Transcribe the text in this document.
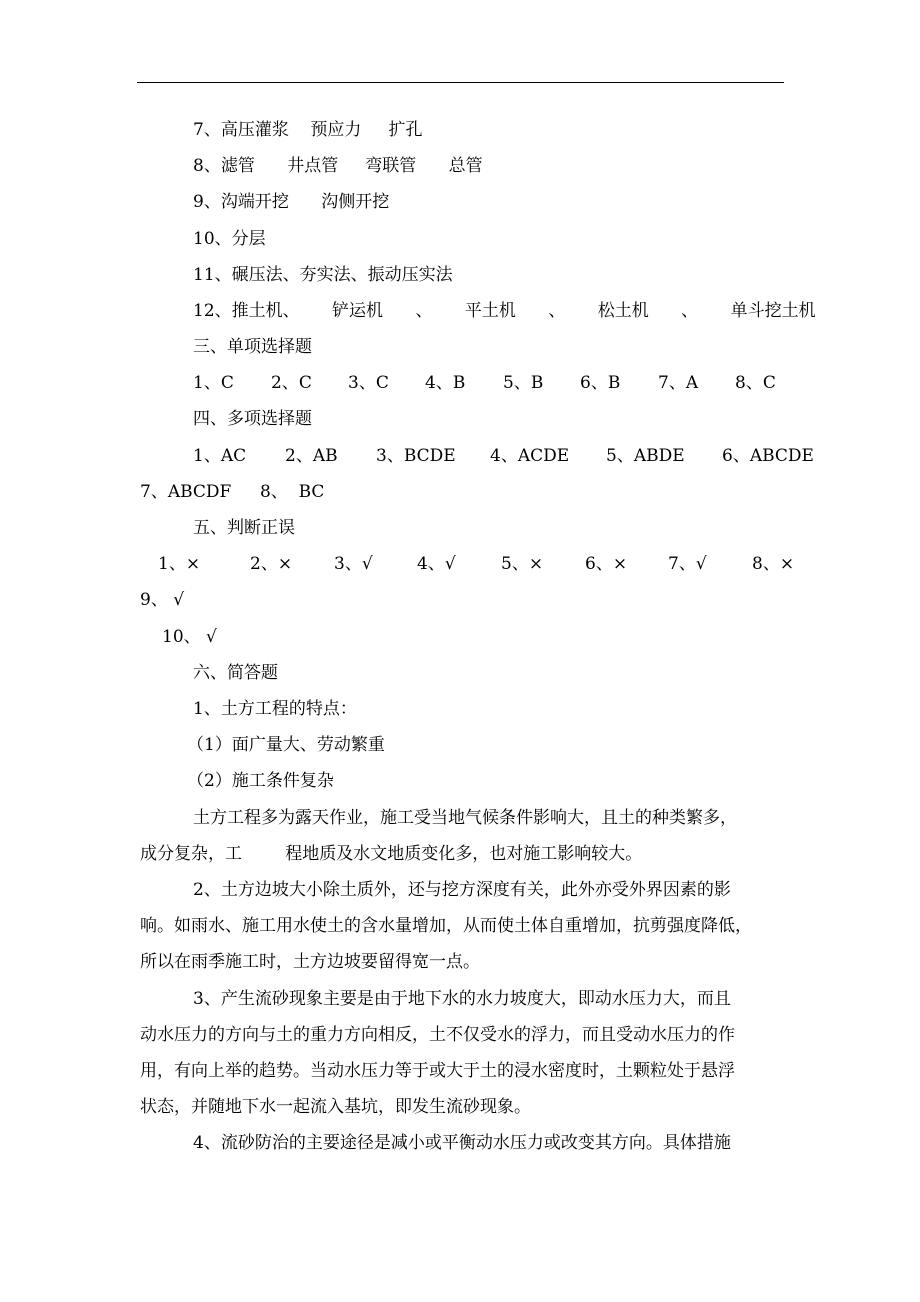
7、高压灌浆    预应力     扩孔
8、滤管      井点管     弯联管      总管
9、沟端开挖      沟侧开挖
10、分层
11、碾压法、夯实法、振动压实法
12、推土机、      铲运机      、      平土机      、      松土机      、      单斗挖土机
三、单项选择题
1、C 2、C 3、C 4、B 5、B 6、B 7、A 8、C
四、多项选择题
1、AC 2、AB 3、BCDE 4、ACDE 5、ABDE 6、ABCDE
7、ABCDF 8、  BC
五、判断正误
1、×	2、× 3、√	4、√	5、× 6、× 7、√	8、×
9、 √
10、 √
六、简答题
1、土方工程的特点：
（1）面广量大、劳动繁重
（2）施工条件复杂
土方工程多为露天作业，施工受当地气候条件影响大，且土的种类繁多，
成分复杂，工        程地质及水文地质变化多，也对施工影响较大。
2、土方边坡大小除土质外，还与挖方深度有关，此外亦受外界因素的影
响。如雨水、施工用水使土的含水量增加，从而使土体自重增加，抗剪强度降低，
所以在雨季施工时，土方边坡要留得宽一点。
3、产生流砂现象主要是由于地下水的水力坡度大，即动水压力大，而且
动水压力的方向与土的重力方向相反，土不仅受水的浮力，而且受动水压力的作
用，有向上举的趋势。当动水压力等于或大于土的浸水密度时，土颗粒处于悬浮
状态，并随地下水一起流入基坑，即发生流砂现象。
4、流砂防治的主要途径是减小或平衡动水压力或改变其方向。具体措施
